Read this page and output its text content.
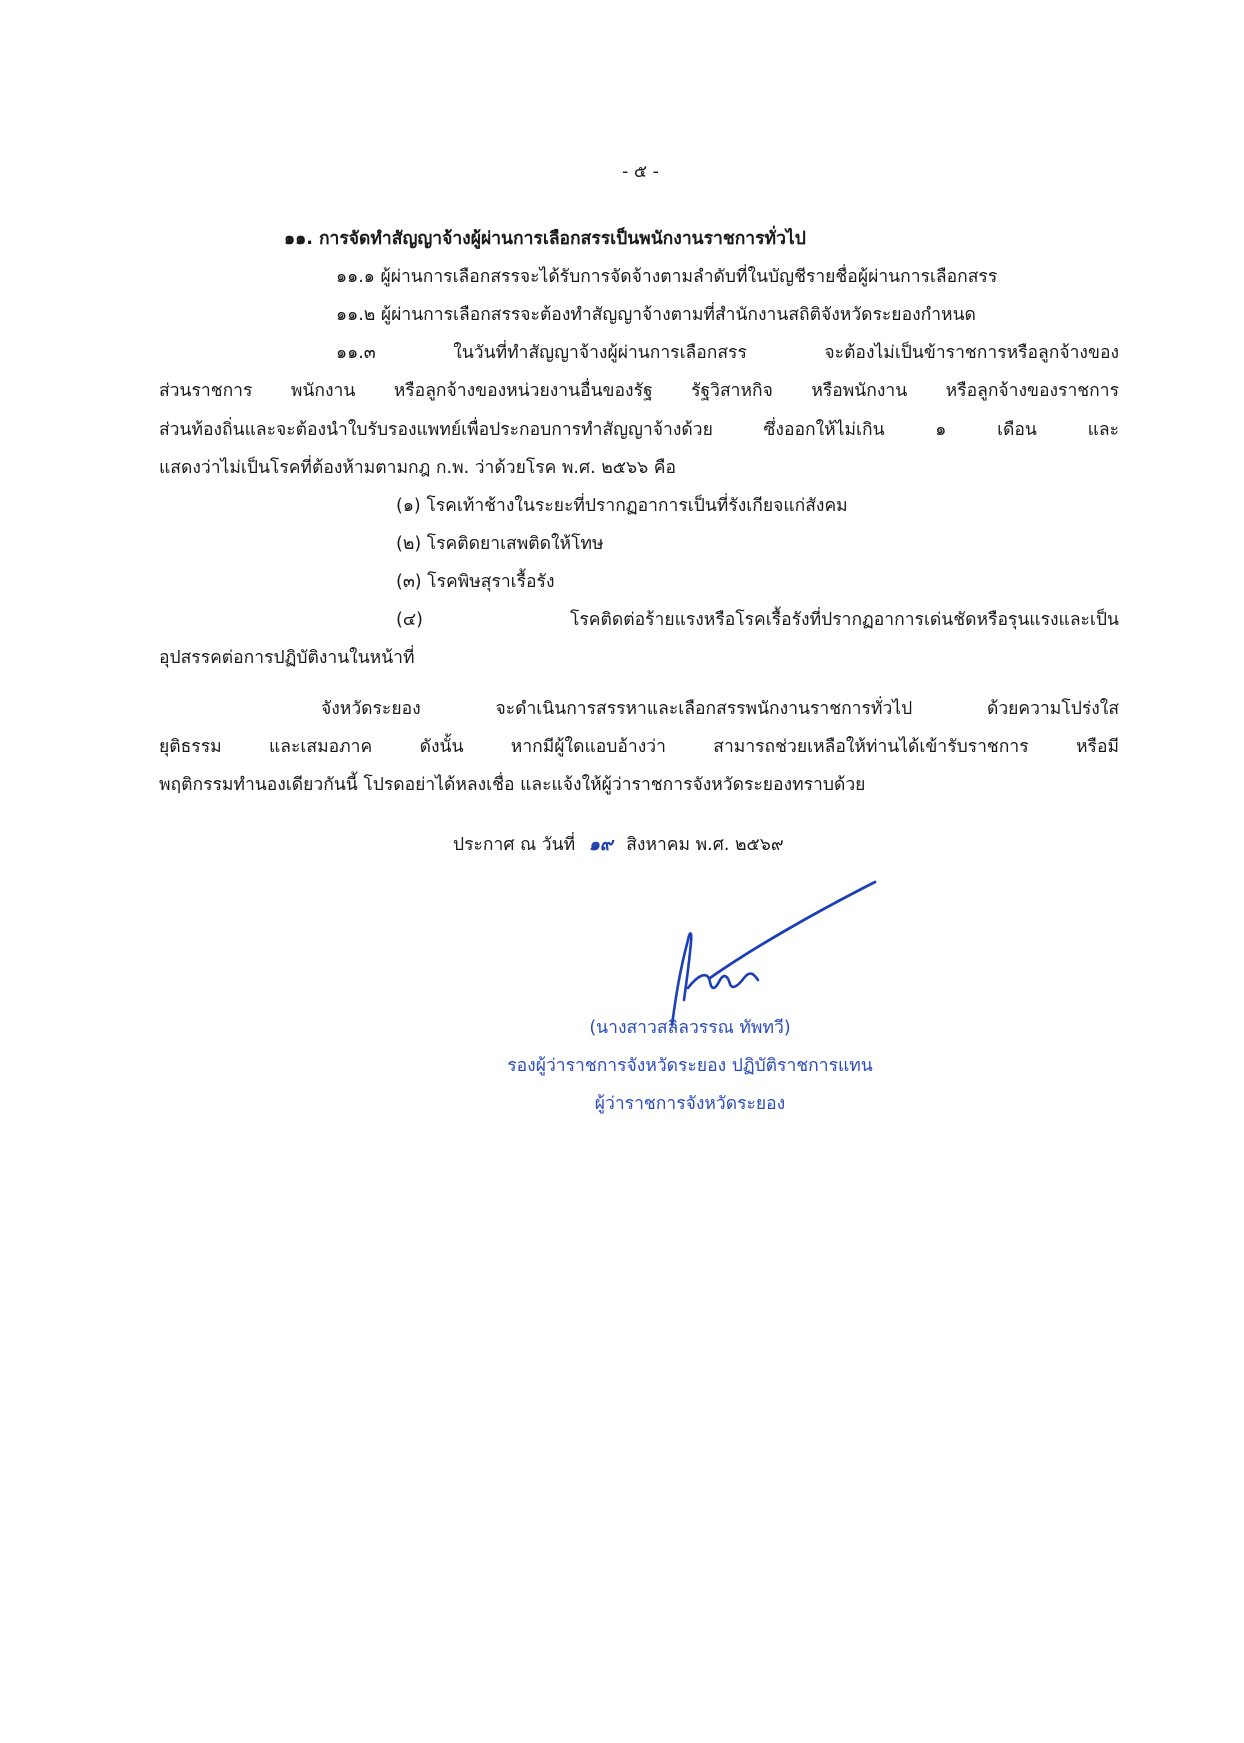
- ๕ -
๑๑. การจัดทำสัญญาจ้างผู้ผ่านการเลือกสรรเป็นพนักงานราชการทั่วไป
๑๑.๑ ผู้ผ่านการเลือกสรรจะได้รับการจัดจ้างตามลำดับที่ในบัญชีรายชื่อผู้ผ่านการเลือกสรร
๑๑.๒ ผู้ผ่านการเลือกสรรจะต้องทำสัญญาจ้างตามที่สำนักงานสถิติจังหวัดระยองกำหนด
๑๑.๓ ในวันที่ทำสัญญาจ้างผู้ผ่านการเลือกสรร จะต้องไม่เป็นข้าราชการหรือลูกจ้างของ
ส่วนราชการ พนักงาน หรือลูกจ้างของหน่วยงานอื่นของรัฐ รัฐวิสาหกิจ หรือพนักงาน หรือลูกจ้างของราชการ
ส่วนท้องถิ่นและจะต้องนำใบรับรองแพทย์เพื่อประกอบการทำสัญญาจ้างด้วย ซึ่งออกให้ไม่เกิน ๑ เดือน และ
แสดงว่าไม่เป็นโรคที่ต้องห้ามตามกฎ ก.พ. ว่าด้วยโรค พ.ศ. ๒๕๖๖ คือ
(๑) โรคเท้าช้างในระยะที่ปรากฏอาการเป็นที่รังเกียจแก่สังคม
(๒) โรคติดยาเสพติดให้โทษ
(๓) โรคพิษสุราเรื้อรัง
(๔) โรคติดต่อร้ายแรงหรือโรคเรื้อรังที่ปรากฏอาการเด่นชัดหรือรุนแรงและเป็น
อุปสรรคต่อการปฏิบัติงานในหน้าที่
จังหวัดระยอง จะดำเนินการสรรหาและเลือกสรรพนักงานราชการทั่วไป ด้วยความโปร่งใส
ยุติธรรม และเสมอภาค ดังนั้น หากมีผู้ใดแอบอ้างว่า สามารถช่วยเหลือให้ท่านได้เข้ารับราชการ หรือมี
พฤติกรรมทำนองเดียวกันนี้ โปรดอย่าได้หลงเชื่อ และแจ้งให้ผู้ว่าราชการจังหวัดระยองทราบด้วย
ประกาศ ณ วันที่ ๑๙ สิงหาคม พ.ศ. ๒๕๖๙
(นางสาวสลิลวรรณ ทัพทวี)
รองผู้ว่าราชการจังหวัดระยอง ปฏิบัติราชการแทน
ผู้ว่าราชการจังหวัดระยอง
